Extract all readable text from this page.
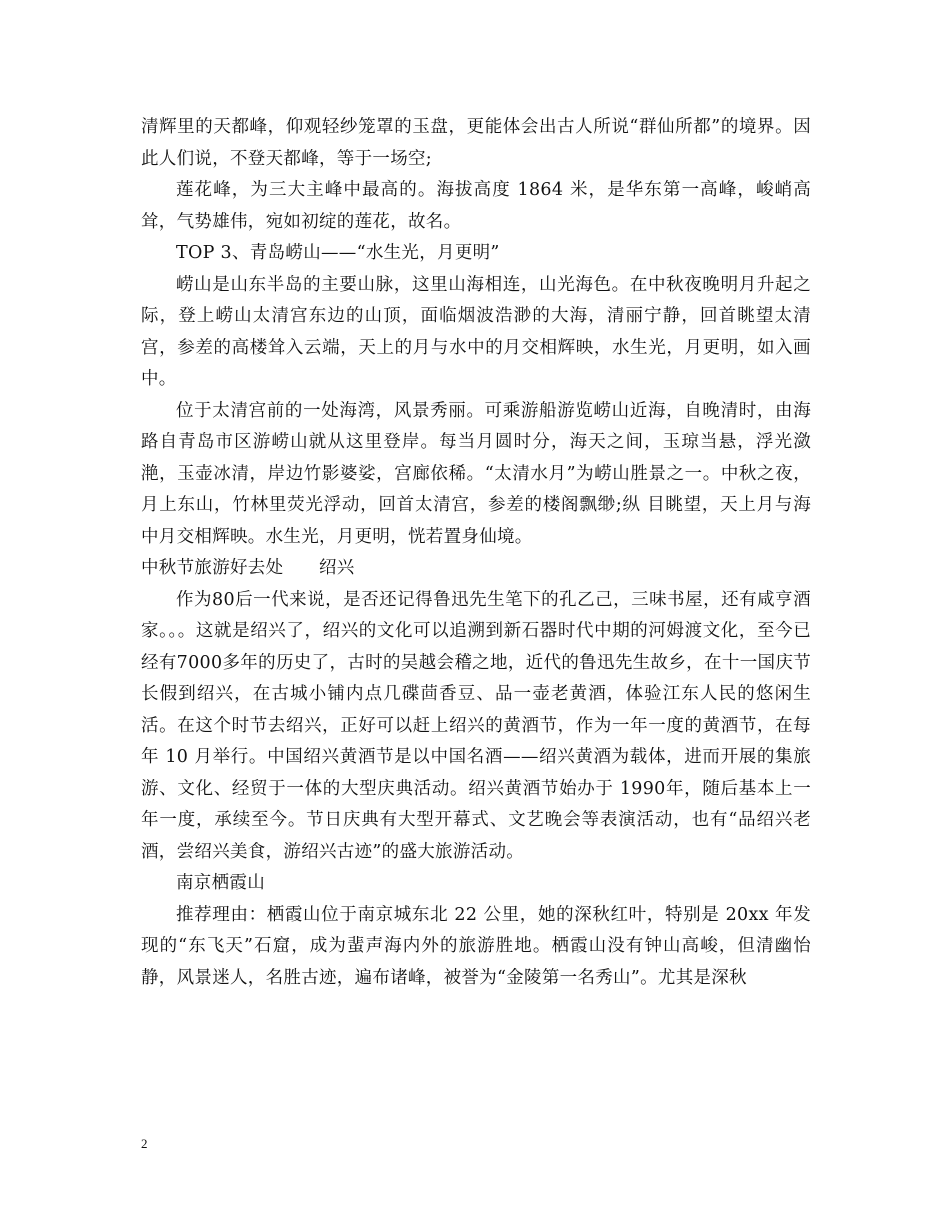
清辉里的天都峰，仰观轻纱笼罩的玉盘，更能体会出古人所说“群仙所都”的境界。因此人们说，不登天都峰，等于一场空;

莲花峰，为三大主峰中最高的。海拔高度 1864 米，是华东第一高峰，峻峭高耸，气势雄伟，宛如初绽的莲花，故名。

TOP 3、青岛崂山——“水生光，月更明”

崂山是山东半岛的主要山脉，这里山海相连，山光海色。在中秋夜晚明月升起之际，登上崂山太清宫东边的山顶，面临烟波浩渺的大海，清丽宁静，回首眺望太清宫，参差的高楼耸入云端，天上的月与水中的月交相辉映，水生光，月更明，如入画中。

位于太清宫前的一处海湾，风景秀丽。可乘游船游览崂山近海，自晚清时，由海路自青岛市区游崂山就从这里登岸。每当月圆时分，海天之间，玉琼当悬，浮光潋滟，玉壶冰清，岸边竹影婆娑，宫廊依稀。“太清水月”为崂山胜景之一。中秋之夜，月上东山，竹林里荧光浮动，回首太清宫，参差的楼阁飘缈;纵 目眺望，天上月与海中月交相辉映。水生光，月更明，恍若置身仙境。

中秋节旅游好去处　　绍兴

作为80后一代来说，是否还记得鲁迅先生笔下的孔乙己，三味书屋，还有咸亨酒家。。。这就是绍兴了，绍兴的文化可以追溯到新石器时代中期的河姆渡文化，至今已经有7000多年的历史了，古时的吴越会稽之地，近代的鲁迅先生故乡，在十一国庆节长假到绍兴，在古城小铺内点几碟茴香豆、品一壶老黄酒，体验江东人民的悠闲生活。在这个时节去绍兴，正好可以赶上绍兴的黄酒节，作为一年一度的黄酒节，在每年 10 月举行。中国绍兴黄酒节是以中国名酒——绍兴黄酒为载体，进而开展的集旅游、文化、经贸于一体的大型庆典活动。绍兴黄酒节始办于 1990年，随后基本上一年一度，承续至今。节日庆典有大型开幕式、文艺晚会等表演活动，也有“品绍兴老酒，尝绍兴美食，游绍兴古迹”的盛大旅游活动。

南京栖霞山

推荐理由：栖霞山位于南京城东北 22 公里，她的深秋红叶，特别是 20xx 年发现的“东飞天”石窟，成为蜚声海内外的旅游胜地。栖霞山没有钟山高峻，但清幽怡静，风景迷人，名胜古迹，遍布诸峰，被誉为“金陵第一名秀山”。尤其是深秋

2
